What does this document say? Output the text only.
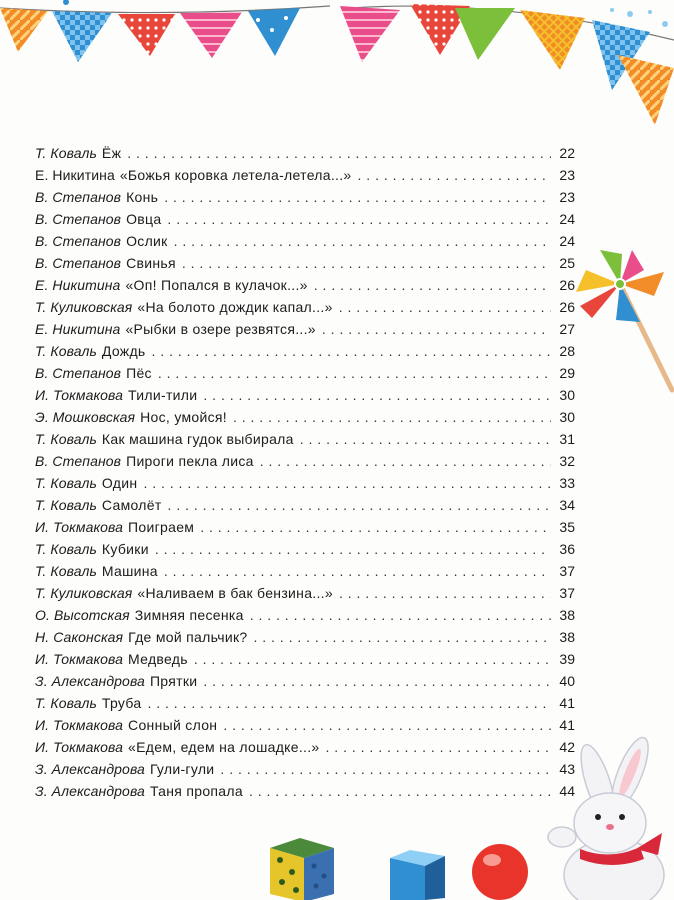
Т. Коваль Ёж . . .	22
Е. Никитина «Божья коровка летела-летела...» . . .	23
В. Степанов Конь . . .	23
В. Степанов Овца . . .	24
В. Степанов Ослик . . .	24
В. Степанов Свинья . . .	25
Е. Никитина «Оп! Попался в кулачок...» . . .	26
Т. Куликовская «На болото дождик капал...» . . .	26
Е. Никитина «Рыбки в озере резвятся...» . . .	27
Т. Коваль Дождь . . .	28
В. Степанов Пёс . . .	29
И. Токмакова Тили-тили . . .	30
Э. Мошковская Нос, умойся! . . .	30
Т. Коваль Как машина гудок выбирала . . .	31
В. Степанов Пироги пекла лиса . . .	32
Т. Коваль Один . . .	33
Т. Коваль Самолёт . . .	34
И. Токмакова Поиграем . . .	35
Т. Коваль Кубики . . .	36
Т. Коваль Машина . . .	37
Т. Куликовская «Наливаем в бак бензина...» . . .	37
О. Высотская Зимняя песенка . . .	38
Н. Саконская Где мой пальчик? . . .	38
И. Токмакова Медведь . . .	39
З. Александрова Прятки . . .	40
Т. Коваль Труба . . .	41
И. Токмакова Сонный слон . . .	41
И. Токмакова «Едем, едем на лошадке...» . . .	42
З. Александрова Гули-гули . . .	43
З. Александрова Таня пропала . . .	44
